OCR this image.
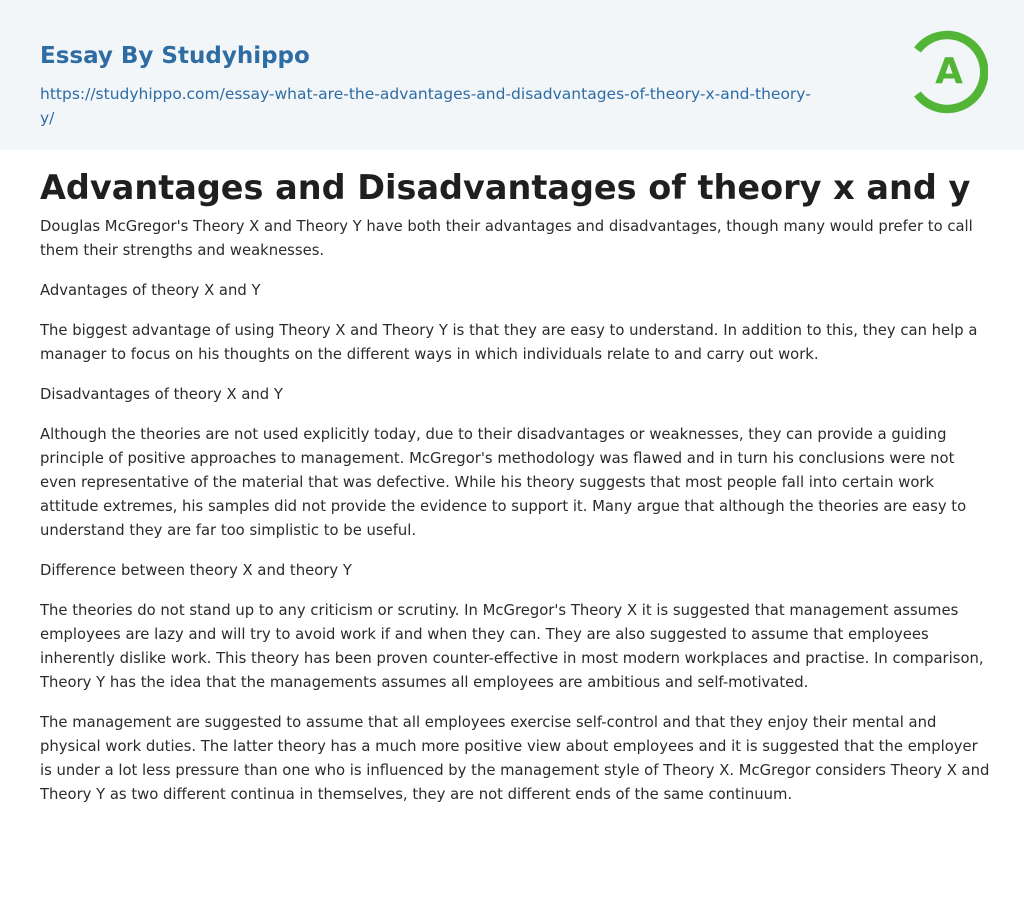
Essay By Studyhippo
https://studyhippo.com/essay-what-are-the-advantages-and-disadvantages-of-theory-x-and-theory-y/
A
Advantages and Disadvantages of theory x and y

Douglas McGregor's Theory X and Theory Y have both their advantages and disadvantages, though many would prefer to call them their strengths and weaknesses.

Advantages of theory X and Y

The biggest advantage of using Theory X and Theory Y is that they are easy to understand. In addition to this, they can help a manager to focus on his thoughts on the different ways in which individuals relate to and carry out work.

Disadvantages of theory X and Y

Although the theories are not used explicitly today, due to their disadvantages or weaknesses, they can provide a guiding principle of positive approaches to management. McGregor's methodology was flawed and in turn his conclusions were not even representative of the material that was defective. While his theory suggests that most people fall into certain work attitude extremes, his samples did not provide the evidence to support it. Many argue that although the theories are easy to understand they are far too simplistic to be useful.

Difference between theory X and theory Y

The theories do not stand up to any criticism or scrutiny. In McGregor's Theory X it is suggested that management assumes employees are lazy and will try to avoid work if and when they can. They are also suggested to assume that employees inherently dislike work. This theory has been proven counter-effective in most modern workplaces and practise. In comparison, Theory Y has the idea that the managements assumes all employees are ambitious and self-motivated.

The management are suggested to assume that all employees exercise self-control and that they enjoy their mental and physical work duties. The latter theory has a much more positive view about employees and it is suggested that the employer is under a lot less pressure than one who is influenced by the management style of Theory X. McGregor considers Theory X and Theory Y as two different continua in themselves, they are not different ends of the same continuum.
